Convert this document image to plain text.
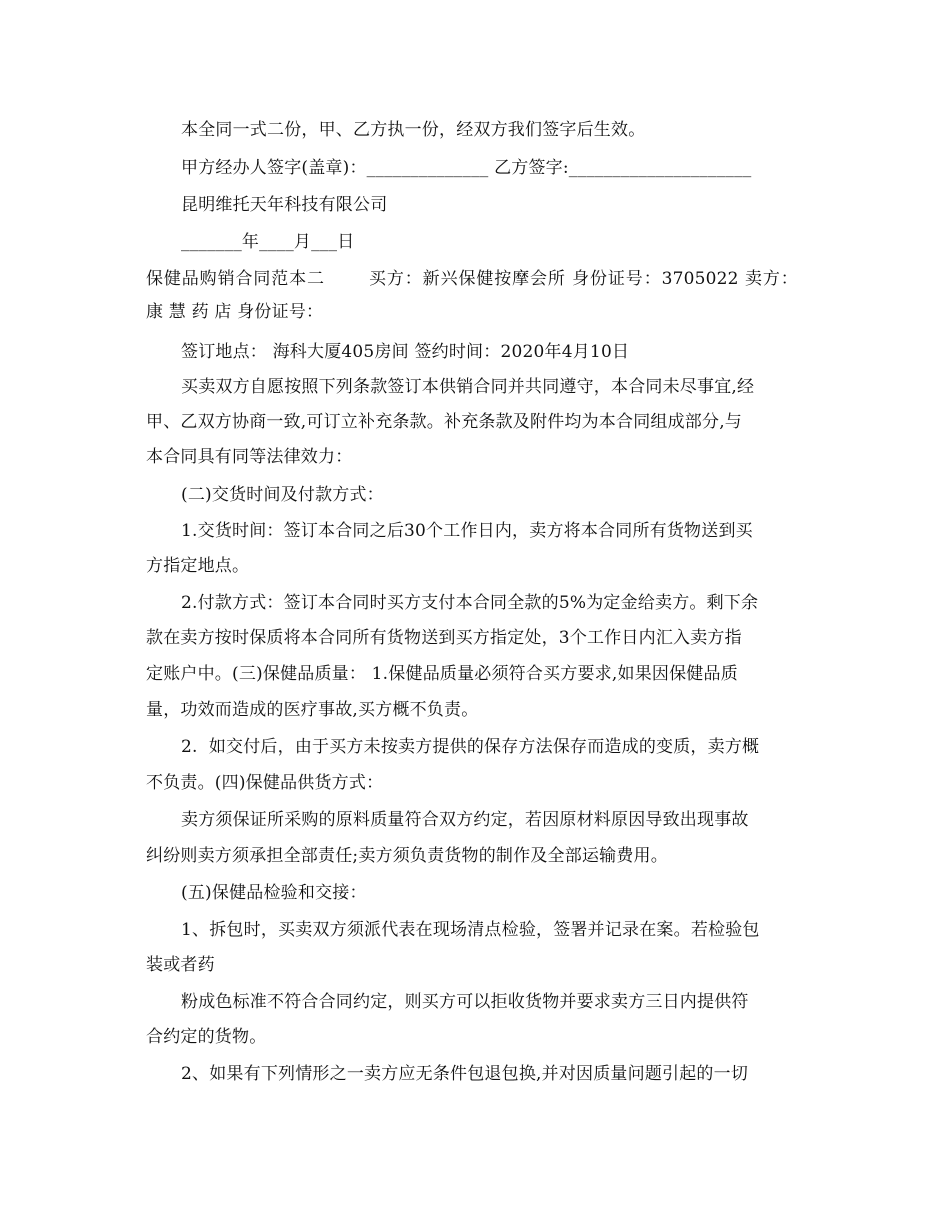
本全同一式二份，甲、乙方执一份，经双方我们签字后生效。
甲方经办人签字(盖章)：______________ 乙方签字:_____________________
昆明维托天年科技有限公司
_______年____月___日
保健品购销合同范本二       买方：新兴保健按摩会所 身份证号：3705022 卖方：
康 慧 药 店 身份证号：
签订地点： 海科大厦405房间 签约时间：2020年4月10日
买卖双方自愿按照下列条款签订本供销合同并共同遵守，本合同未尽事宜,经
甲、乙双方协商一致,可订立补充条款。补充条款及附件均为本合同组成部分,与
本合同具有同等法律效力：
(二)交货时间及付款方式：
1.交货时间：签订本合同之后30个工作日内，卖方将本合同所有货物送到买
方指定地点。
2.付款方式：签订本合同时买方支付本合同全款的5%为定金给卖方。剩下余
款在卖方按时保质将本合同所有货物送到买方指定处，3个工作日内汇入卖方指
定账户中。(三)保健品质量： 1.保健品质量必须符合买方要求,如果因保健品质
量，功效而造成的医疗事故,买方概不负责。
2.  如交付后，由于买方未按卖方提供的保存方法保存而造成的变质，卖方概
不负责。(四)保健品供货方式：
卖方须保证所采购的原料质量符合双方约定，若因原材料原因导致出现事故
纠纷则卖方须承担全部责任;卖方须负责货物的制作及全部运输费用。
(五)保健品检验和交接：
1、拆包时，买卖双方须派代表在现场清点检验，签署并记录在案。若检验包
装或者药
粉成色标准不符合合同约定，则买方可以拒收货物并要求卖方三日内提供符
合约定的货物。
2、如果有下列情形之一卖方应无条件包退包换,并对因质量问题引起的一切
